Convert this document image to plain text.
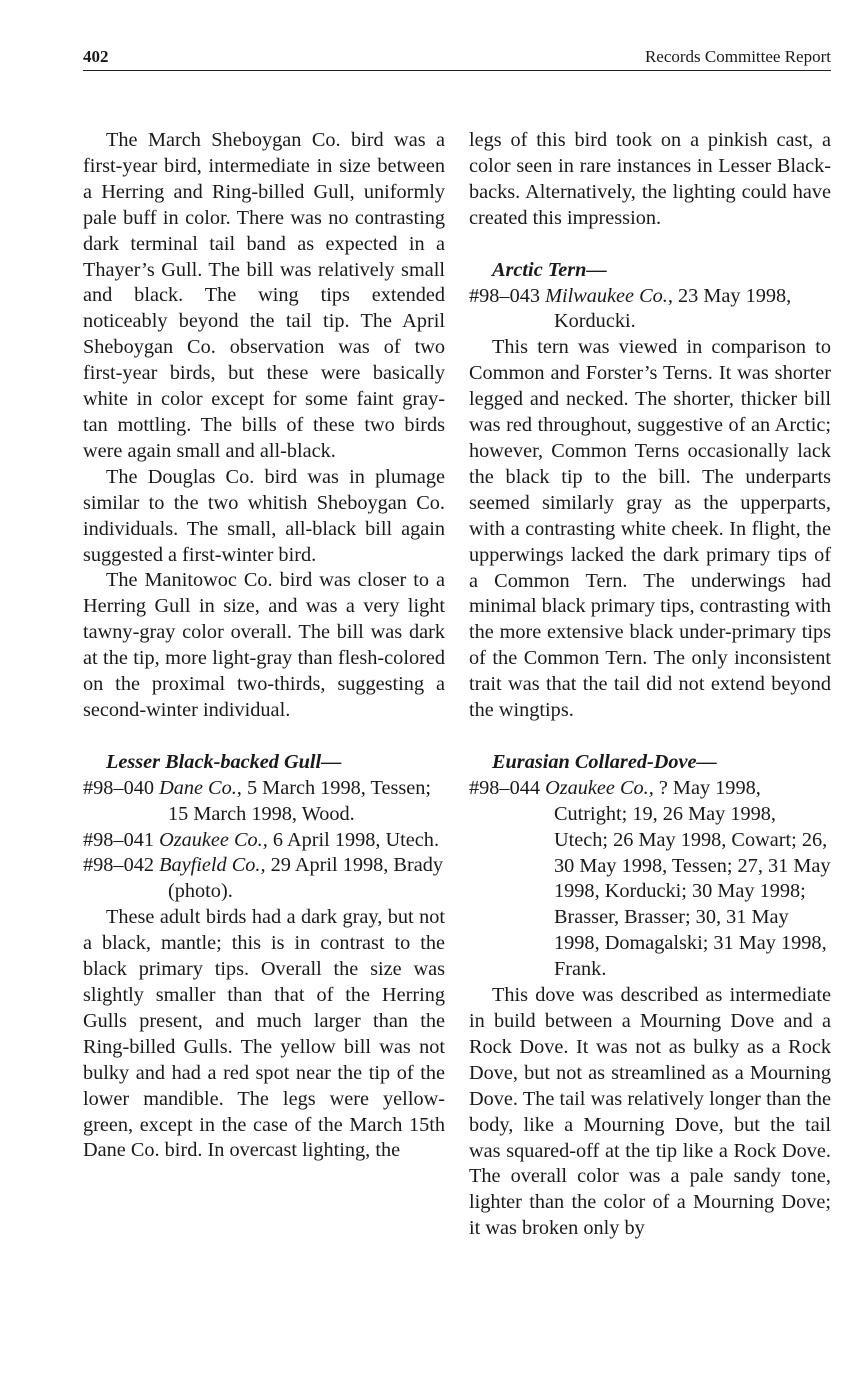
402	Records Committee Report

The March Sheboygan Co. bird was a first-year bird, intermediate in size between a Herring and Ring-billed Gull, uniformly pale buff in color. There was no contrasting dark terminal tail band as expected in a Thayer’s Gull. The bill was relatively small and black. The wing tips extended noticeably beyond the tail tip. The April Sheboygan Co. observation was of two first-year birds, but these were basically white in color except for some faint gray-tan mottling. The bills of these two birds were again small and all-black.

The Douglas Co. bird was in plumage similar to the two whitish Sheboygan Co. individuals. The small, all-black bill again suggested a first-winter bird.

The Manitowoc Co. bird was closer to a Herring Gull in size, and was a very light tawny-gray color overall. The bill was dark at the tip, more light-gray than flesh-colored on the proximal two-thirds, suggesting a second-winter individual.

Lesser Black-backed Gull—
#98–040 Dane Co., 5 March 1998, Tessen; 15 March 1998, Wood.
#98–041 Ozaukee Co., 6 April 1998, Utech.
#98–042 Bayfield Co., 29 April 1998, Brady (photo).

These adult birds had a dark gray, but not a black, mantle; this is in contrast to the black primary tips. Overall the size was slightly smaller than that of the Herring Gulls present, and much larger than the Ring-billed Gulls. The yellow bill was not bulky and had a red spot near the tip of the lower mandible. The legs were yellow-green, except in the case of the March 15th Dane Co. bird. In overcast lighting, the

legs of this bird took on a pinkish cast, a color seen in rare instances in Lesser Black-backs. Alternatively, the lighting could have created this impression.

Arctic Tern—
#98–043 Milwaukee Co., 23 May 1998, Korducki.

This tern was viewed in comparison to Common and Forster’s Terns. It was shorter legged and necked. The shorter, thicker bill was red throughout, suggestive of an Arctic; however, Common Terns occasionally lack the black tip to the bill. The underparts seemed similarly gray as the upperparts, with a contrasting white cheek. In flight, the upperwings lacked the dark primary tips of a Common Tern. The underwings had minimal black primary tips, contrasting with the more extensive black under-primary tips of the Common Tern. The only inconsistent trait was that the tail did not extend beyond the wingtips.

Eurasian Collared-Dove—
#98–044 Ozaukee Co., ? May 1998, Cutright; 19, 26 May 1998, Utech; 26 May 1998, Cowart; 26, 30 May 1998, Tessen; 27, 31 May 1998, Korducki; 30 May 1998; Brasser, Brasser; 30, 31 May 1998, Domagalski; 31 May 1998, Frank.

This dove was described as intermediate in build between a Mourning Dove and a Rock Dove. It was not as bulky as a Rock Dove, but not as streamlined as a Mourning Dove. The tail was relatively longer than the body, like a Mourning Dove, but the tail was squared-off at the tip like a Rock Dove. The overall color was a pale sandy tone, lighter than the color of a Mourning Dove; it was broken only by
